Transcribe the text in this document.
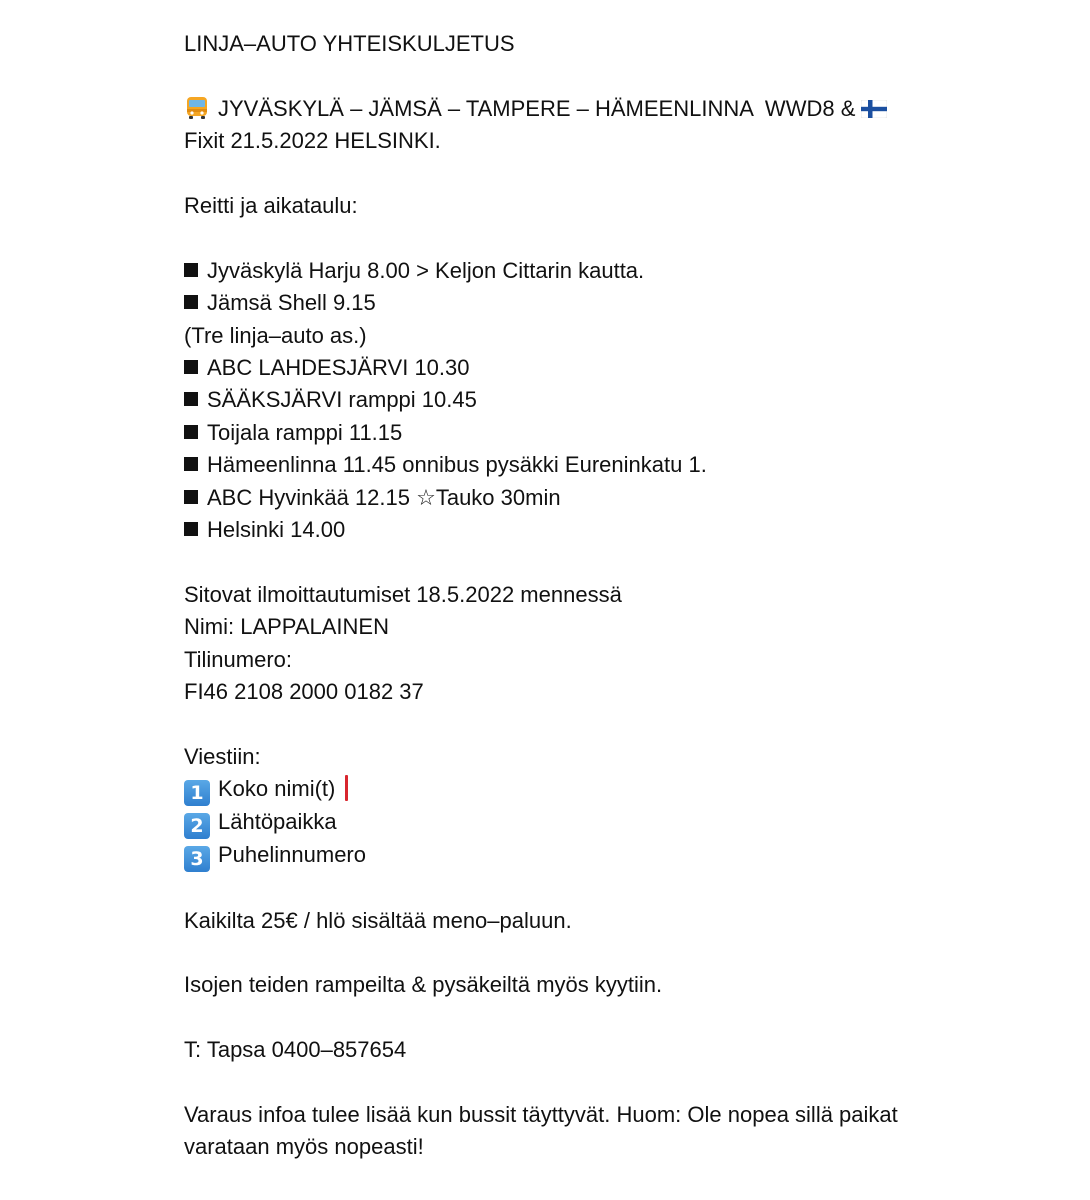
LINJA–AUTO YHTEISKULJETUS
JYVÄSKYLÄ – JÄMSÄ – TAMPERE – HÄMEENLINNA  WWD8 &
Fixit 21.5.2022 HELSINKI.
Reitti ja aikataulu:
Jyväskylä Harju 8.00 > Keljon Cittarin kautta.
Jämsä Shell 9.15
(Tre linja–auto as.)
ABC LAHDESJÄRVI 10.30
SÄÄKSJÄRVI ramppi 10.45
Toijala ramppi 11.15
Hämeenlinna 11.45 onnibus pysäkki Eureninkatu 1.
ABC Hyvinkää 12.15 ☆Tauko 30min
Helsinki 14.00
Sitovat ilmoittautumiset 18.5.2022 mennessä
Nimi: LAPPALAINEN
Tilinumero:
FI46 2108 2000 0182 37
Viestiin:
1 Koko nimi(t)
2 Lähtöpaikka
3 Puhelinnumero
Kaikilta 25€ / hlö sisältää meno–paluun.
Isojen teiden rampeilta & pysäkeiltä myös kyytiin.
T: Tapsa 0400–857654
Varaus infoa tulee lisää kun bussit täyttyvät. Huom: Ole nopea sillä paikat varataan myös nopeasti!
